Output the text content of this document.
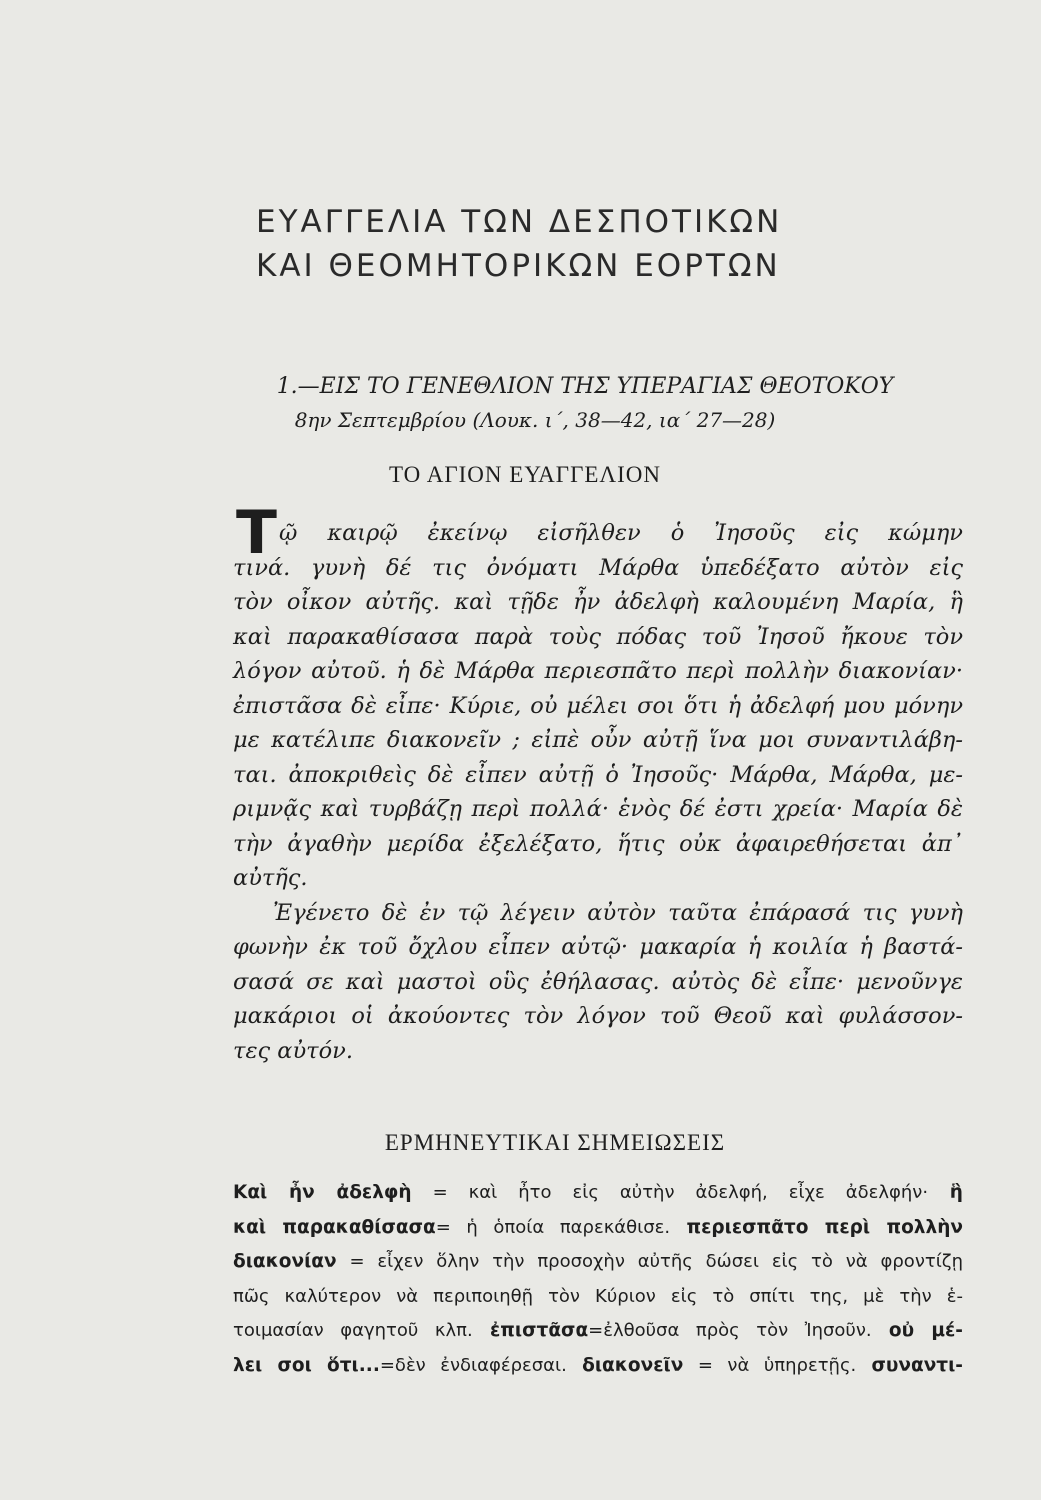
ΕΥΑΓΓΕΛΙΑ ΤΩΝ ΔΕΣΠΟΤΙΚΩΝ
ΚΑΙ ΘΕΟΜΗΤΟΡΙΚΩΝ ΕΟΡΤΩΝ
1.—ΕΙΣ ΤΟ ΓΕΝΕΘΛΙΟΝ ΤΗΣ ΥΠΕΡΑΓΙΑΣ ΘΕΟΤΟΚΟΥ
8ην Σεπτεμβρίου (Λουκ. ι΄, 38—42, ια΄ 27—28)
ΤΟ ΑΓΙΟΝ ΕΥΑΓΓΕΛΙΟΝ
Τ ῷ καιρῷ ἐκείνῳ εἰσῆλθεν ὁ Ἰησοῦς εἰς κώμην
τινά. γυνὴ δέ τις ὀνόματι Μάρθα ὑπεδέξατο αὐτὸν εἰς
τὸν οἶκον αὐτῆς. καὶ τῇδε ἦν ἀδελφὴ καλουμένη Μαρία, ἣ
καὶ παρακαθίσασα παρὰ τοὺς πόδας τοῦ Ἰησοῦ ἤκουε τὸν
λόγον αὐτοῦ. ἡ δὲ Μάρθα περιεσπᾶτο περὶ πολλὴν διακονίαν·
ἐπιστᾶσα δὲ εἶπε· Κύριε, οὐ μέλει σοι ὅτι ἡ ἀδελφή μου μόνην
με κατέλιπε διακονεῖν ; εἰπὲ οὖν αὐτῇ ἵνα μοι συναντιλάβη-
ται. ἀποκριθεὶς δὲ εἶπεν αὐτῇ ὁ Ἰησοῦς· Μάρθα, Μάρθα, με-
ριμνᾷς καὶ τυρβάζῃ περὶ πολλά· ἑνὸς δέ ἐστι χρεία· Μαρία δὲ
τὴν ἀγαθὴν μερίδα ἐξελέξατο, ἥτις οὐκ ἀφαιρεθήσεται ἀπ᾽
αὐτῆς.
Ἐγένετο δὲ ἐν τῷ λέγειν αὐτὸν ταῦτα ἐπάρασά τις γυνὴ
φωνὴν ἐκ τοῦ ὄχλου εἶπεν αὐτῷ· μακαρία ἡ κοιλία ἡ βαστά-
σασά σε καὶ μαστοὶ οὓς ἐθήλασας. αὐτὸς δὲ εἶπε· μενοῦνγε
μακάριοι οἱ ἀκούοντες τὸν λόγον τοῦ Θεοῦ καὶ φυλάσσον-
τες αὐτόν.
ΕΡΜΗΝΕΥΤΙΚΑΙ ΣΗΜΕΙΩΣΕΙΣ
Καὶ ἦν ἀδελφὴ = καὶ ἦτο εἰς αὐτὴν ἀδελφή, εἶχε ἀδελφήν· ἣ
καὶ παρακαθίσασα= ἡ ὁποία παρεκάθισε. περιεσπᾶτο περὶ πολλὴν
διακονίαν = εἶχεν ὅλην τὴν προσοχὴν αὐτῆς δώσει εἰς τὸ νὰ φροντίζῃ
πῶς καλύτερον νὰ περιποιηθῇ τὸν Κύριον εἰς τὸ σπίτι της, μὲ τὴν ἑ-
τοιμασίαν φαγητοῦ κλπ. ἐπιστᾶσα=ἐλθοῦσα πρὸς τὸν Ἰησοῦν. οὐ μέ-
λει σοι ὅτι...=δὲν ἐνδιαφέρεσαι. διακονεῖν = νὰ ὑπηρετῇς. συναντι-
